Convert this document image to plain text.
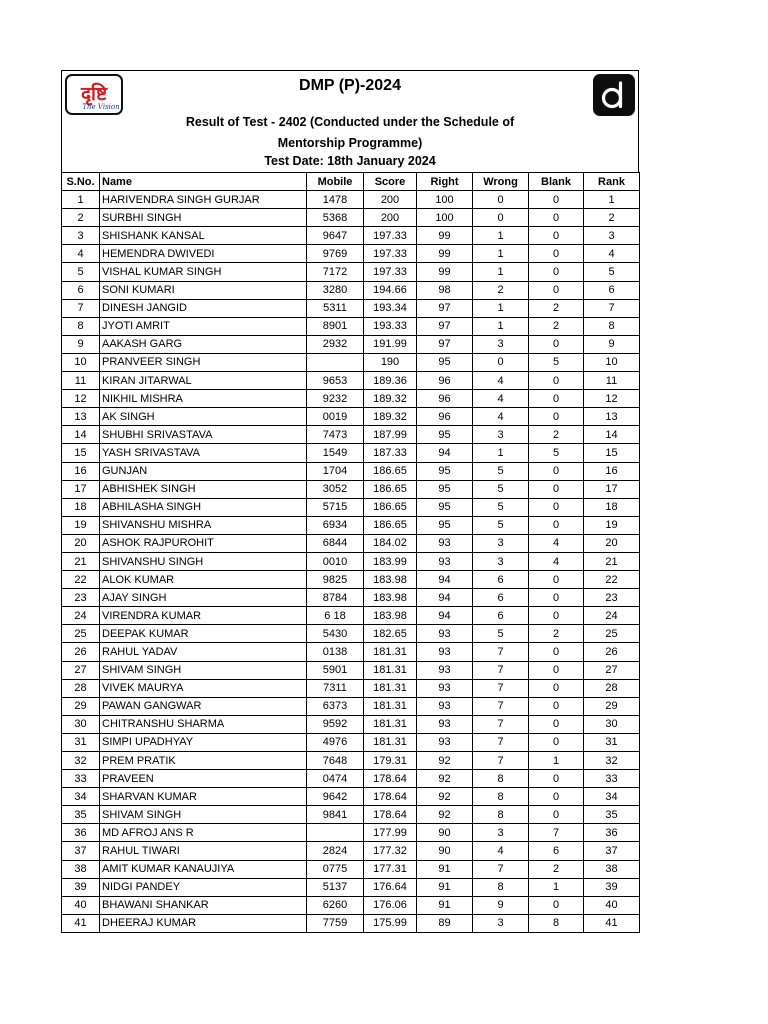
दृष्टि
The Vision
DMP (P)-2024
Result of Test - 2402 (Conducted under the Schedule of Mentorship Programme)
Test Date: 18th January 2024
S.No.	Name	Mobile	Score	Right	Wrong	Blank	Rank
1	HARIVENDRA SINGH GURJAR	1478	200	100	0	0	1
2	SURBHI SINGH	5368	200	100	0	0	2
3	SHISHANK KANSAL	9647	197.33	99	1	0	3
4	HEMENDRA DWIVEDI	9769	197.33	99	1	0	4
5	VISHAL KUMAR SINGH	7172	197.33	99	1	0	5
6	SONI KUMARI	3280	194.66	98	2	0	6
7	DINESH JANGID	5311	193.34	97	1	2	7
8	JYOTI AMRIT	8901	193.33	97	1	2	8
9	AAKASH GARG	2932	191.99	97	3	0	9
10	PRANVEER SINGH		190	95	0	5	10
11	KIRAN JITARWAL	9653	189.36	96	4	0	11
12	NIKHIL MISHRA	9232	189.32	96	4	0	12
13	AK SINGH	0019	189.32	96	4	0	13
14	SHUBHI SRIVASTAVA	7473	187.99	95	3	2	14
15	YASH SRIVASTAVA	1549	187.33	94	1	5	15
16	GUNJAN	1704	186.65	95	5	0	16
17	ABHISHEK SINGH	3052	186.65	95	5	0	17
18	ABHILASHA SINGH	5715	186.65	95	5	0	18
19	SHIVANSHU MISHRA	6934	186.65	95	5	0	19
20	ASHOK RAJPUROHIT	6844	184.02	93	3	4	20
21	SHIVANSHU SINGH	0010	183.99	93	3	4	21
22	ALOK KUMAR	9825	183.98	94	6	0	22
23	AJAY SINGH	8784	183.98	94	6	0	23
24	VIRENDRA KUMAR	6 18	183.98	94	6	0	24
25	DEEPAK KUMAR	5430	182.65	93	5	2	25
26	RAHUL YADAV	0138	181.31	93	7	0	26
27	SHIVAM SINGH	5901	181.31	93	7	0	27
28	VIVEK MAURYA	7311	181.31	93	7	0	28
29	PAWAN GANGWAR	6373	181.31	93	7	0	29
30	CHITRANSHU SHARMA	9592	181.31	93	7	0	30
31	SIMPI UPADHYAY	4976	181.31	93	7	0	31
32	PREM PRATIK	7648	179.31	92	7	1	32
33	PRAVEEN	0474	178.64	92	8	0	33
34	SHARVAN KUMAR	9642	178.64	92	8	0	34
35	SHIVAM SINGH	9841	178.64	92	8	0	35
36	MD AFROJ ANS R		177.99	90	3	7	36
37	RAHUL TIWARI	2824	177.32	90	4	6	37
38	AMIT KUMAR KANAUJIYA	0775	177.31	91	7	2	38
39	NIDGI PANDEY	5137	176.64	91	8	1	39
40	BHAWANI SHANKAR	6260	176.06	91	9	0	40
41	DHEERAJ KUMAR	7759	175.99	89	3	8	41
